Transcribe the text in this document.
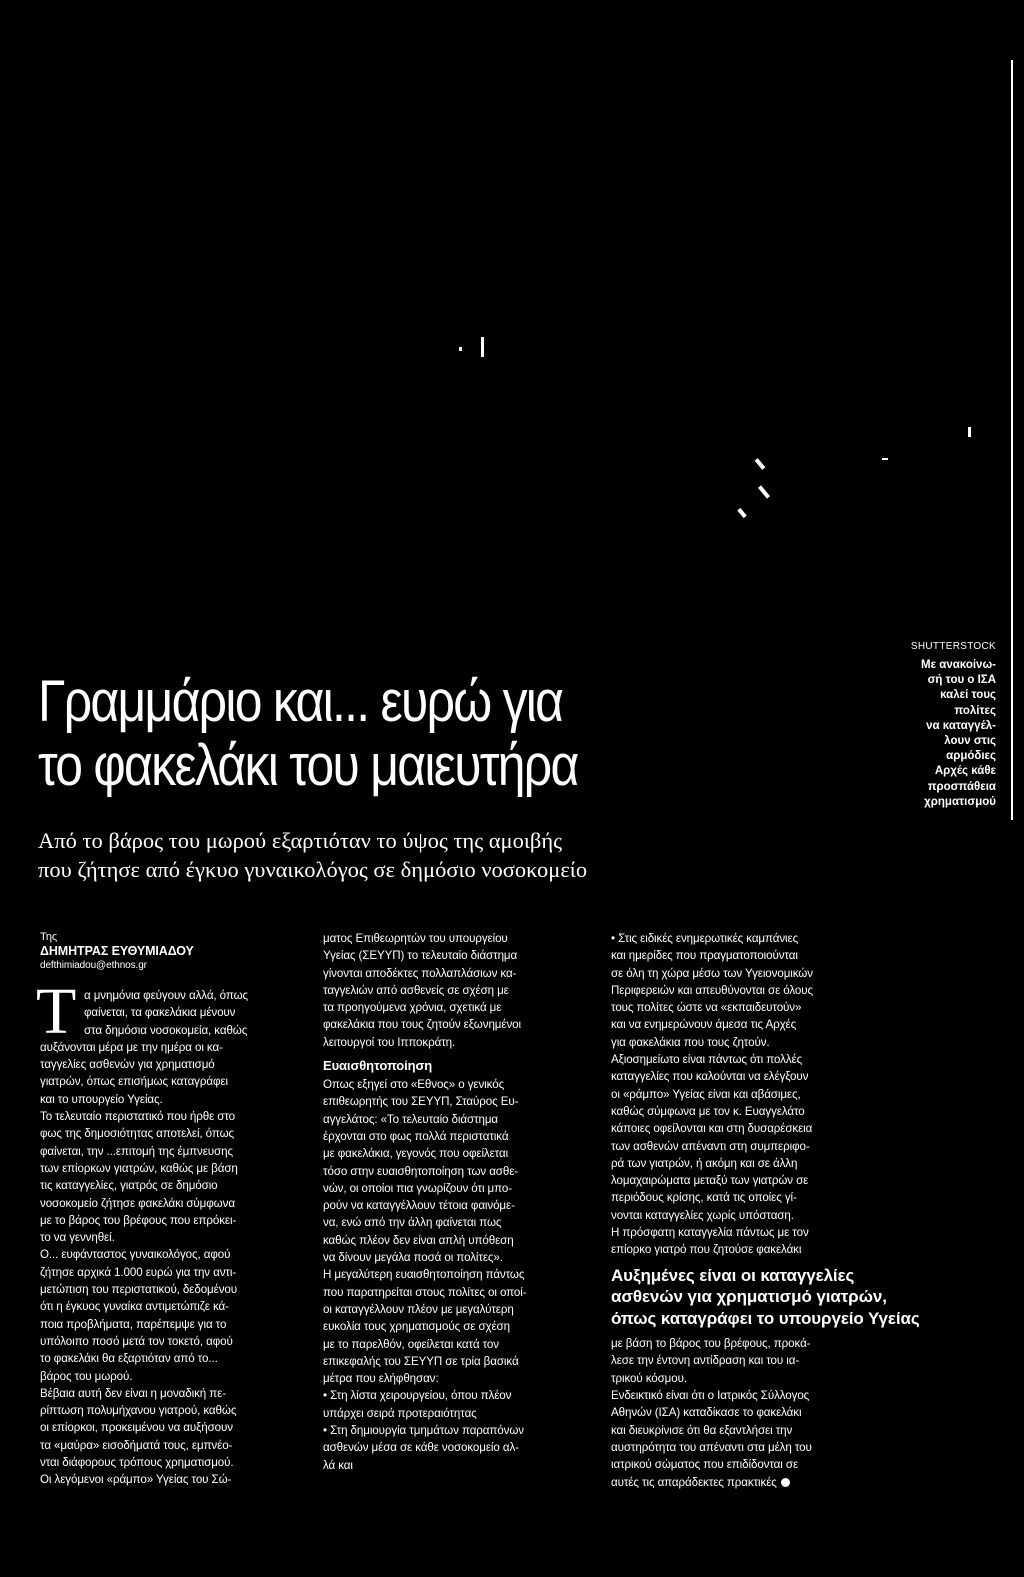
SHUTTERSTOCK
Με ανακοίνω-
σή του ο ΙΣΑ
καλεί τους
πολίτες
να καταγγέλ-
λουν στις
αρμόδιες
Αρχές κάθε
προσπάθεια
χρηματισμού
Γραμμάριο και... ευρώ για
το φακελάκι του μαιευτήρα
Από το βάρος του μωρού εξαρτιόταν το ύψος της αμοιβής
που ζήτησε από έγκυο γυναικολόγος σε δημόσιο νοσοκομείο
Της
ΔΗΜΗΤΡΑΣ ΕΥΘΥΜΙΑΔΟΥ
defthimiadou@ethnos.gr
Τ α μνημόνια φεύγουν αλλά, όπως
φαίνεται, τα φακελάκια μένουν
στα δημόσια νοσοκομεία, καθώς
αυξάνονται μέρα με την ημέρα οι κα-
ταγγελίες ασθενών για χρηματισμό
γιατρών, όπως επισήμως καταγράφει
και το υπουργείο Υγείας.
Το τελευταίο περιστατικό που ήρθε στο
φως της δημοσιότητας αποτελεί, όπως
φαίνεται, την ...επιτομή της έμπνευσης
των επίορκων γιατρών, καθώς με βάση
τις καταγγελίες, γιατρός σε δημόσιο
νοσοκομείο ζήτησε φακελάκι σύμφωνα
με το βάρος του βρέφους που επρόκει-
το να γεννηθεί.
Ο... ευφάνταστος γυναικολόγος, αφού
ζήτησε αρχικά 1.000 ευρώ για την αντι-
μετώπιση του περιστατικού, δεδομένου
ότι η έγκυος γυναίκα αντιμετώπιζε κά-
ποια προβλήματα, παρέπεμψε για το
υπόλοιπο ποσό μετά τον τοκετό, αφού
το φακελάκι θα εξαρτιόταν από το...
βάρος του μωρού.
Βέβαια αυτή δεν είναι η μοναδική πε-
ρίπτωση πολυμήχανου γιατρού, καθώς
οι επίορκοι, προκειμένου να αυξήσουν
τα «μαύρα» εισοδήματά τους, εμπνέο-
νται διάφορους τρόπους χρηματισμού.
Οι λεγόμενοι «ράμπο» Υγείας του Σώ-
ματος Επιθεωρητών του υπουργείου
Υγείας (ΣΕΥΥΠ) το τελευταίο διάστημα
γίνονται αποδέκτες πολλαπλάσιων κα-
ταγγελιών από ασθενείς σε σχέση με
τα προηγούμενα χρόνια, σχετικά με
φακελάκια που τους ζητούν εξωνημένοι
λειτουργοί του Ιπποκράτη.
Ευαισθητοποίηση
Οπως εξηγεί στο «Εθνος» ο γενικός
επιθεωρητής του ΣΕΥΥΠ, Σταύρος Ευ-
αγγελάτος: «Το τελευταίο διάστημα
έρχονται στο φως πολλά περιστατικά
με φακελάκια, γεγονός που οφείλεται
τόσο στην ευαισθητοποίηση των ασθε-
νών, οι οποίοι πια γνωρίζουν ότι μπο-
ρούν να καταγγέλλουν τέτοια φαινόμε-
να, ενώ από την άλλη φαίνεται πως
καθώς πλέον δεν είναι απλή υπόθεση
να δίνουν μεγάλα ποσά οι πολίτες».
Η μεγαλύτερη ευαισθητοποίηση πάντως
που παρατηρείται στους πολίτες οι οποί-
οι καταγγέλλουν πλέον με μεγαλύτερη
ευκολία τους χρηματισμούς σε σχέση
με το παρελθόν, οφείλεται κατά τον
επικεφαλής του ΣΕΥΥΠ σε τρία βασικά
μέτρα που ελήφθησαν:
• Στη λίστα χειρουργείου, όπου πλέον
υπάρχει σειρά προτεραιότητας
• Στη δημιουργία τμημάτων παραπόνων
ασθενών μέσα σε κάθε νοσοκομείο αλ-
λά και
• Στις ειδικές ενημερωτικές καμπάνιες
και ημερίδες που πραγματοποιούνται
σε όλη τη χώρα μέσω των Υγειονομικών
Περιφερειών και απευθύνονται σε όλους
τους πολίτες ώστε να «εκπαιδευτούν»
και να ενημερώνουν άμεσα τις Αρχές
για φακελάκια που τους ζητούν.
Αξιοσημείωτο είναι πάντως ότι πολλές
καταγγελίες που καλούνται να ελέγξουν
οι «ράμπο» Υγείας είναι και αβάσιμες,
καθώς σύμφωνα με τον κ. Ευαγγελάτο
κάποιες οφείλονται και στη δυσαρέσκεια
των ασθενών απέναντι στη συμπεριφο-
ρά των γιατρών, ή ακόμη και σε άλλη
λομαχαιρώματα μεταξύ των γιατρών σε
περιόδους κρίσης, κατά τις οποίες γί-
νονται καταγγελίες χωρίς υπόσταση.
Η πρόσφατη καταγγελία πάντως με τον
επίορκο γιατρό που ζητούσε φακελάκι
Αυξημένες είναι οι καταγγελίες
ασθενών για χρηματισμό γιατρών,
όπως καταγράφει το υπουργείο Υγείας
με βάση το βάρος του βρέφους, προκά-
λεσε την έντονη αντίδραση και του ια-
τρικού κόσμου.
Ενδεικτικό είναι ότι ο Ιατρικός Σύλλογος
Αθηνών (ΙΣΑ) καταδίκασε το φακελάκι
και διευκρίνισε ότι θα εξαντλήσει την
αυστηρότητα του απέναντι στα μέλη του
ιατρικού σώματος που επιδίδονται σε
αυτές τις απαράδεκτες πρακτικές
